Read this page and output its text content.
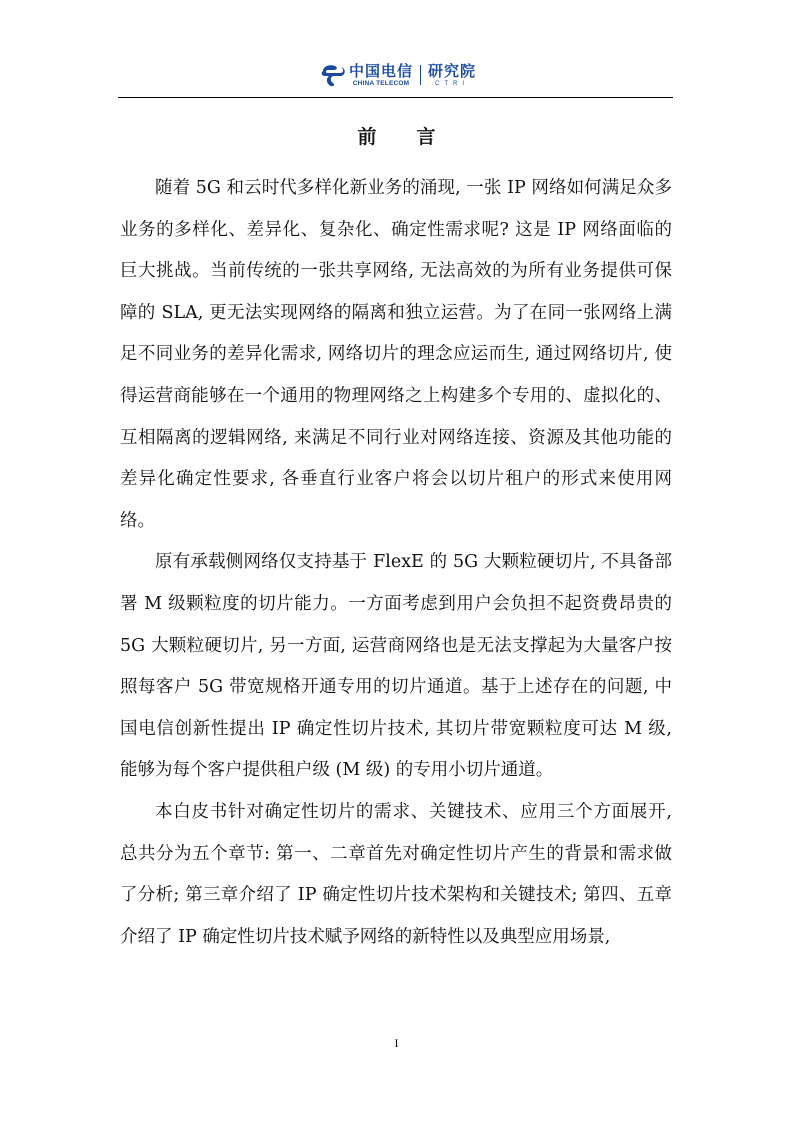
中国电信
CHINA TELECOM
研究院
CTRI
前 言

随着 5G 和云时代多样化新业务的涌现, 一张 IP 网络如何满足众多业务的多样化、差异化、复杂化、确定性需求呢? 这是 IP 网络面临的巨大挑战。当前传统的一张共享网络, 无法高效的为所有业务提供可保障的 SLA, 更无法实现网络的隔离和独立运营。为了在同一张网络上满足不同业务的差异化需求, 网络切片的理念应运而生, 通过网络切片, 使得运营商能够在一个通用的物理网络之上构建多个专用的、虚拟化的、互相隔离的逻辑网络, 来满足不同行业对网络连接、资源及其他功能的差异化确定性要求, 各垂直行业客户将会以切片租户的形式来使用网络。

原有承载侧网络仅支持基于 FlexE 的 5G 大颗粒硬切片, 不具备部署 M 级颗粒度的切片能力。一方面考虑到用户会负担不起资费昂贵的 5G 大颗粒硬切片, 另一方面, 运营商网络也是无法支撑起为大量客户按照每客户 5G 带宽规格开通专用的切片通道。基于上述存在的问题, 中国电信创新性提出 IP 确定性切片技术, 其切片带宽颗粒度可达 M 级, 能够为每个客户提供租户级 (M 级) 的专用小切片通道。

本白皮书针对确定性切片的需求、关键技术、应用三个方面展开, 总共分为五个章节: 第一、二章首先对确定性切片产生的背景和需求做了分析; 第三章介绍了 IP 确定性切片技术架构和关键技术; 第四、五章介绍了 IP 确定性切片技术赋予网络的新特性以及典型应用场景,

I
